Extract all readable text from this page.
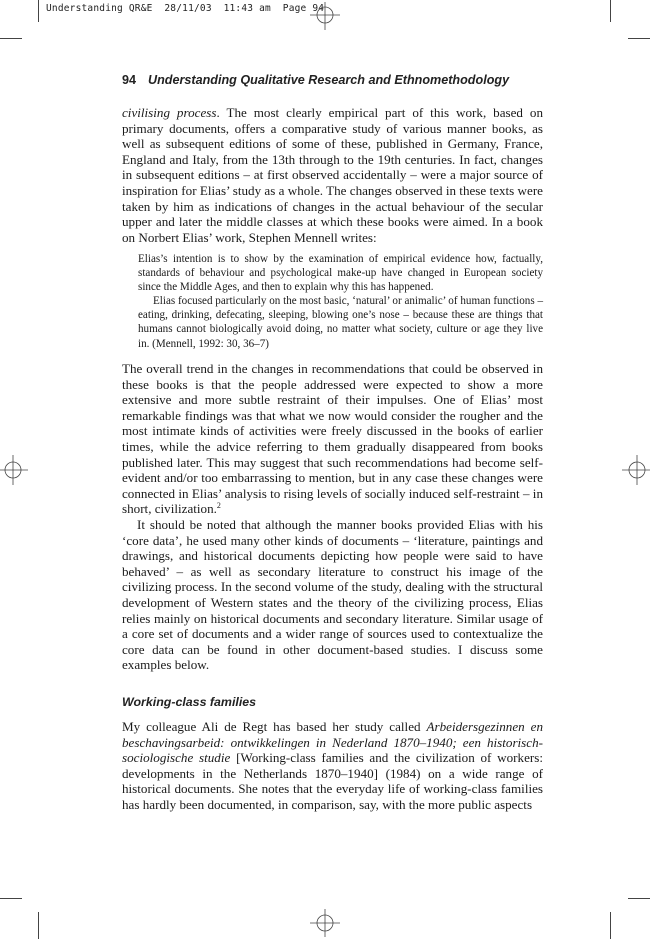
Understanding QR&E  28/11/03  11:43 am  Page 94
94 Understanding Qualitative Research and Ethnomethodology

civilising process. The most clearly empirical part of this work, based on primary documents, offers a comparative study of various manner books, as well as subsequent editions of some of these, published in Germany, France, England and Italy, from the 13th through to the 19th centuries. In fact, changes in subsequent editions – at first observed accidentally – were a major source of inspiration for Elias’ study as a whole. The changes observed in these texts were taken by him as indications of changes in the actual behaviour of the secular upper and later the middle classes at which these books were aimed. In a book on Norbert Elias’ work, Stephen Mennell writes:

Elias’s intention is to show by the examination of empirical evidence how, factually, standards of behaviour and psychological make-up have changed in European society since the Middle Ages, and then to explain why this has happened.

Elias focused particularly on the most basic, ‘natural’ or animalic’ of human functions – eating, drinking, defecating, sleeping, blowing one’s nose – because these are things that humans cannot biologically avoid doing, no matter what society, culture or age they live in. (Mennell, 1992: 30, 36–7)

The overall trend in the changes in recommendations that could be observed in these books is that the people addressed were expected to show a more extensive and more subtle restraint of their impulses. One of Elias’ most remarkable findings was that what we now would consider the rougher and the most intimate kinds of activities were freely discussed in the books of earlier times, while the advice referring to them gradually disappeared from books published later. This may suggest that such recommendations had become self-evident and/or too embarrassing to mention, but in any case these changes were connected in Elias’ analysis to rising levels of socially induced self-restraint – in short, civilization.$^2$

It should be noted that although the manner books provided Elias with his ‘core data’, he used many other kinds of documents – ‘literature, paintings and drawings, and historical documents depicting how people were said to have behaved’ – as well as secondary literature to construct his image of the civilizing process. In the second volume of the study, dealing with the structural development of Western states and the theory of the civilizing process, Elias relies mainly on historical documents and secondary literature. Similar usage of a core set of documents and a wider range of sources used to contextualize the core data can be found in other document-based studies. I discuss some examples below.

Working-class families

My colleague Ali de Regt has based her study called Arbeidersgezinnen en beschavingsarbeid: ontwikkelingen in Nederland 1870–1940; een historisch-sociologische studie [Working-class families and the civilization of workers: developments in the Netherlands 1870–1940] (1984) on a wide range of historical documents. She notes that the everyday life of working-class families has hardly been documented, in comparison, say, with the more public aspects
